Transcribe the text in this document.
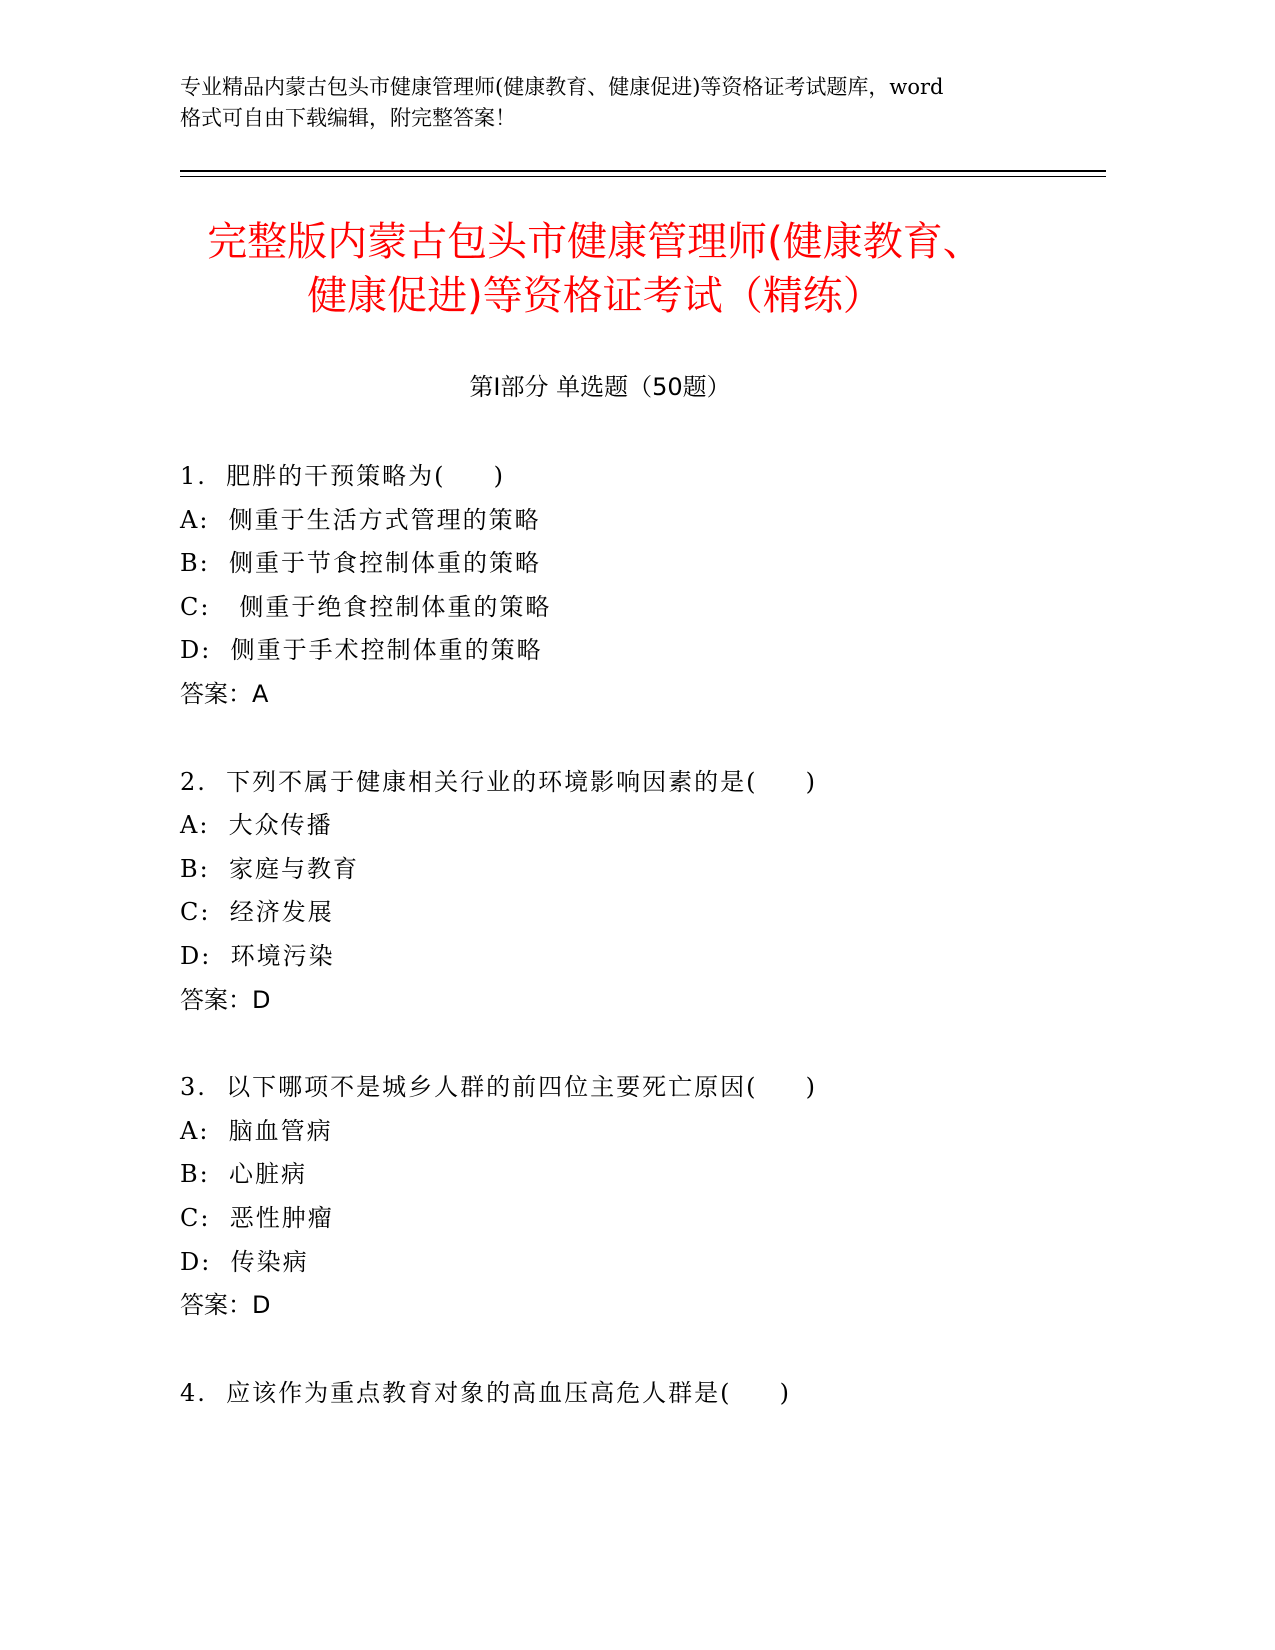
专业精品内蒙古包头市健康管理师(健康教育、健康促进)等资格证考试题库，word
格式可自由下载编辑，附完整答案！
完整版内蒙古包头市健康管理师(健康教育、
健康促进)等资格证考试（精练）
第Ⅰ部分 单选题（50题）
1.  肥胖的干预策略为(     )
A:  侧重于生活方式管理的策略
B:  侧重于节食控制体重的策略
C:   侧重于绝食控制体重的策略
D:  侧重于手术控制体重的策略
答案：A
2.  下列不属于健康相关行业的环境影响因素的是(     )
A:  大众传播
B:  家庭与教育
C:  经济发展
D:  环境污染
答案：D
3.  以下哪项不是城乡人群的前四位主要死亡原因(     )
A:  脑血管病
B:  心脏病
C:  恶性肿瘤
D:  传染病
答案：D
4.  应该作为重点教育对象的高血压高危人群是(     )
